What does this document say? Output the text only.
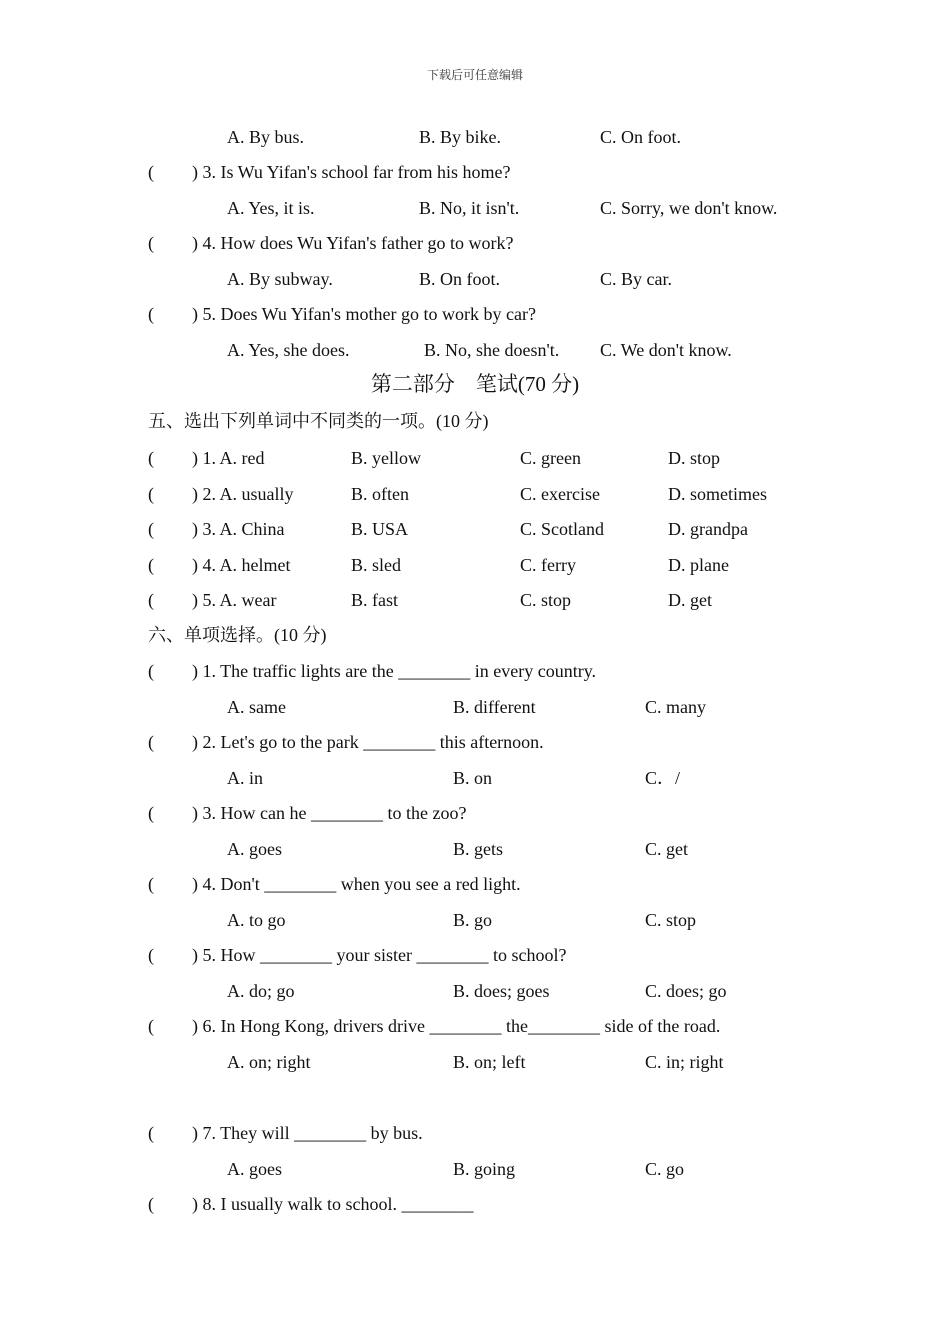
下载后可任意编辑
A. By bus.	B. By bike.	C. On foot.
( ) 3. Is Wu Yifan's school far from his home?
A. Yes, it is.	B. No, it isn't.	C. Sorry, we don't know.
( ) 4. How does Wu Yifan's father go to work?
A. By subway.	B. On foot.	C. By car.
( ) 5. Does Wu Yifan's mother go to work by car?
A. Yes, she does.	B. No, she doesn't. C. We don't know.
第二部分　笔试(70 分)
五、选出下列单词中不同类的一项。(10 分)
( ) 1. A. red	B. yellow	C. green	D. stop
( ) 2. A. usually	B. often	C. exercise	D. sometimes
( ) 3. A. China	B. USA	C. Scotland	D. grandpa
( ) 4. A. helmet	B. sled	C. ferry	D. plane
( ) 5. A. wear	B. fast	C. stop	D. get
六、单项选择。(10 分)
( ) 1. The traffic lights are the ________ in every country.
A. same	B. different	C. many
( ) 2. Let's go to the park ________ this afternoon.
A. in	B. on	C．/
( ) 3. How can he ________ to the zoo?
A. goes	B. gets	C. get
( ) 4. Don't ________ when you see a red light.
A. to go	B. go	C. stop
( ) 5. How ________ your sister ________ to school?
A. do; go	B. does; goes	C. does; go
( ) 6. In Hong Kong, drivers drive ________ the________ side of the road.
A. on; right	B. on; left	C. in; right
( ) 7. They will ________ by bus.
A. goes	B. going	C. go
( ) 8. I usually walk to school. ________
